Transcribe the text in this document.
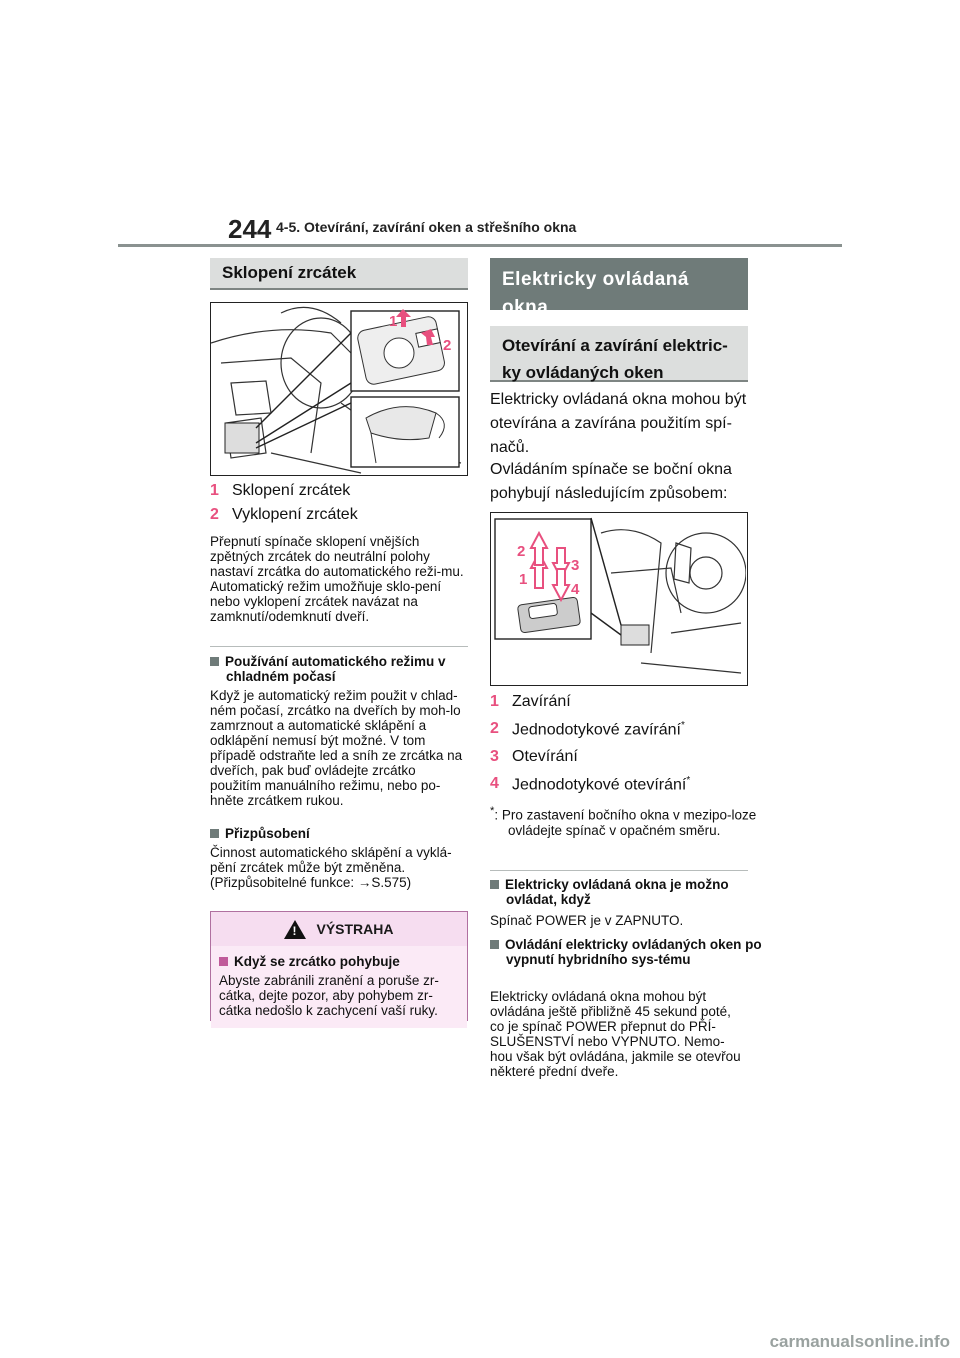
244 4-5. Otevírání, zavírání oken a střešního okna
Sklopení zrcátek
1
2
1 Sklopení zrcátek
2 Vyklopení zrcátek
Přepnutí spínače sklopení vnějších zpětných zrcátek do neutrální polohy nastaví zrcátka do automatického reži-mu. Automatický režim umožňuje sklo-pení nebo vyklopení zrcátek navázat na zamknutí/odemknutí dveří.
Používání automatického režimu v chladném počasí
Když je automatický režim použit v chlad-ném počasí, zrcátko na dveřích by moh-lo zamrznout a automatické sklápění a odklápění nemusí být možné. V tom případě odstraňte led a sníh ze zrcátka na dveřích, pak buď ovládejte zrcátko použitím manuálního režimu, nebo po-hněte zrcátkem rukou.
Přizpůsobení
Činnost automatického sklápění a vyklá-pění zrcátek může být změněna. (Přizpůsobitelné funkce: →S.575)
! VÝSTRAHA
Když se zrcátko pohybuje
Abyste zabránili zranění a poruše zr-cátka, dejte pozor, aby pohybem zr-cátka nedošlo k zachycení vaší ruky.
Elektricky ovládaná okna
Otevírání a zavírání elektric-ky ovládaných oken
Elektricky ovládaná okna mohou být otevírána a zavírána použitím spí-načů.
Ovládáním spínače se boční okna pohybují následujícím způsobem:
2
3
1
4
1 Zavírání
2 Jednodotykové zavírání*
3 Otevírání
4 Jednodotykové otevírání*
*: Pro zastavení bočního okna v mezipo-loze ovládejte spínač v opačném směru.
Elektricky ovládaná okna je možno ovládat, když
Spínač POWER je v ZAPNUTO.
Ovládání elektricky ovládaných oken po vypnutí hybridního sys-tému
Elektricky ovládaná okna mohou být ovládána ještě přibližně 45 sekund poté, co je spínač POWER přepnut do PŘÍ-SLUŠENSTVÍ nebo VYPNUTO. Nemo-hou však být ovládána, jakmile se otevřou některé přední dveře.
carmanualsonline.info
